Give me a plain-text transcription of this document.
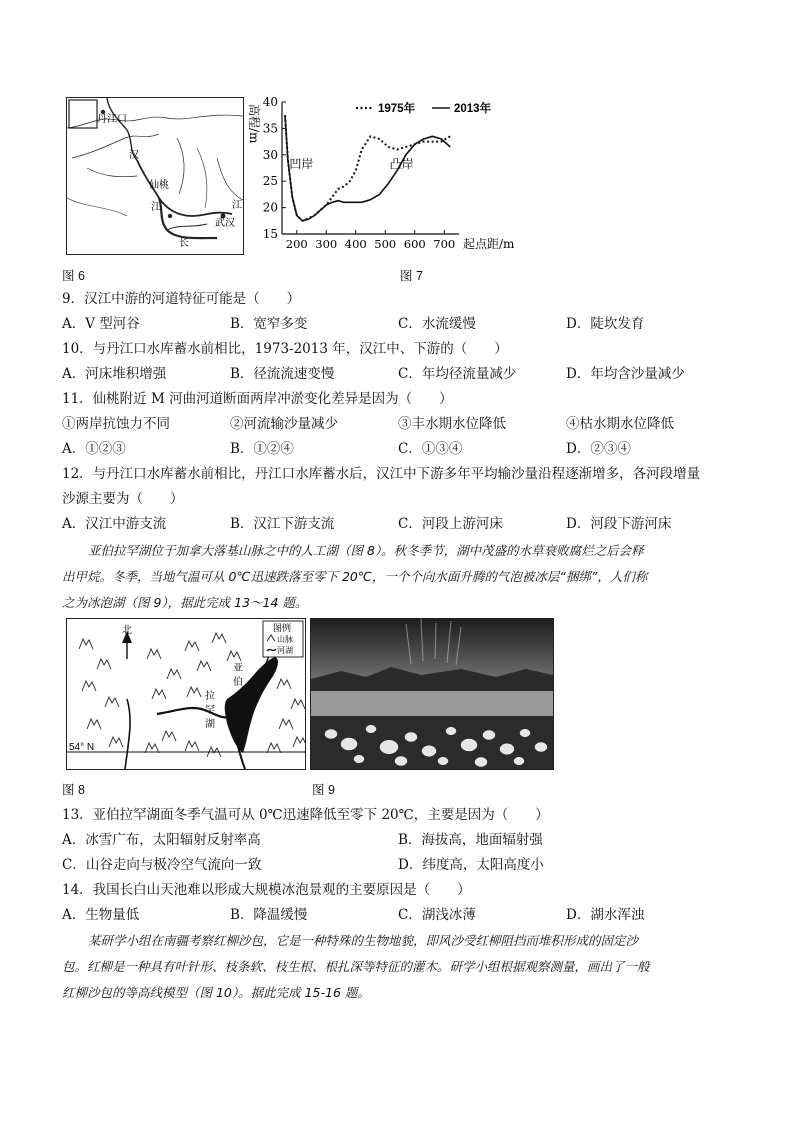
丹江口
汉
仙桃
江	江
武汉
长
图 6
15
20
25
30
35
40
200 300 400 500 600 700 起点距/m
高程/m	1975年	2013年
凹岸	凸岸
图 7
9．汉江中游的河道特征可能是（　　）
A．V 型河谷	B．宽窄多变	C．水流缓慢	D．陡坎发育
10．与丹江口水库蓄水前相比，1973-2013 年，汉江中、下游的（　　）
A．河床堆积增强	B．径流流速变慢	C．年均径流量减少	D．年均含沙量减少
11．仙桃附近 M 河曲河道断面两岸冲淤变化差异是因为（　　）
①两岸抗蚀力不同	②河流输沙量减少	③丰水期水位降低	④枯水期水位降低
A．①②③	B．①②④	C．①③④	D．②③④
12．与丹江口水库蓄水前相比，丹江口水库蓄水后，汉江中下游多年平均输沙量沿程逐渐增多，各河段增量
沙源主要为（　　）
A．汉江中游支流	B．汉江下游支流	C．河段上游河床	D．河段下游河床
亚伯拉罕湖位于加拿大落基山脉之中的人工湖（图 8）。秋冬季节，湖中茂盛的水草衰败腐烂之后会释
出甲烷。冬季，当地气温可从 0℃迅速跌落至零下 20℃，一个个向水面升腾的气泡被冰层“捆绑”，人们称
之为冰泡湖（图 9），据此完成 13～14 题。
北	图例
山脉
河湖
亚
伯
拉
罕
湖
54° N
图 8	图 9
13．亚伯拉罕湖面冬季气温可从 0℃迅速降低至零下 20℃，主要是因为（　　）
A．冰雪广布，太阳辐射反射率高	B．海拔高，地面辐射强
C．山谷走向与极冷空气流向一致	D．纬度高，太阳高度小
14．我国长白山天池难以形成大规模冰泡景观的主要原因是（　　）
A．生物量低	B．降温缓慢	C．湖浅冰薄	D．湖水浑浊
某研学小组在南疆考察红柳沙包，它是一种特殊的生物地貌，即风沙受红柳阻挡而堆积形成的固定沙
包。红柳是一种具有叶针形、枝条软、枝生根、根扎深等特征的灌木。研学小组根据观察测量，画出了一般
红柳沙包的等高线模型（图 10）。据此完成 15-16 题。
